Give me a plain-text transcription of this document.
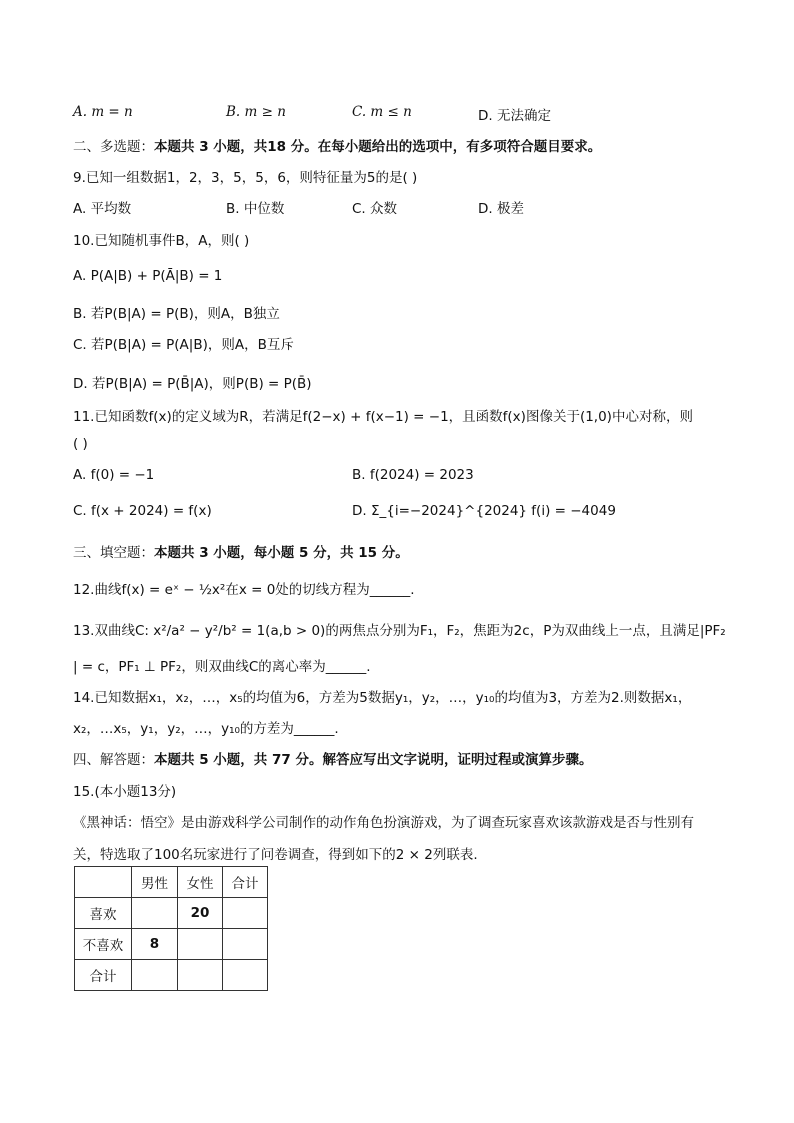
A. m = n	B. m ≥ n	C. m ≤ n	D. 无法确定
二、多选题：本题共 3 小题，共18 分。在每小题给出的选项中，有多项符合题目要求。
9.已知一组数据1，2，3，5，5，6，则特征量为5的是( )
A. 平均数	B. 中位数	C. 众数	D. 极差
10.已知随机事件B，A，则( )
A. P(A|B) + P(Ā|B) = 1
B. 若P(B|A) = P(B)，则A，B独立
C. 若P(B|A) = P(A|B)，则A，B互斥
D. 若P(B|A) = P(B̄|A)，则P(B) = P(B̄)
11.已知函数f(x)的定义域为R，若满足f(2−x) + f(x−1) = −1，且函数f(x)图像关于(1,0)中心对称，则
( )
A. f(0) = −1	B. f(2024) = 2023
C. f(x + 2024) = f(x)	D. Σ_{i=−2024}^{2024} f(i) = −4049
三、填空题：本题共 3 小题，每小题 5 分，共 15 分。
12.曲线f(x) = eˣ − ½x²在x = 0处的切线方程为______.
13.双曲线C: x²/a² − y²/b² = 1(a,b > 0)的两焦点分别为F₁，F₂，焦距为2c，P为双曲线上一点，且满足|PF₂
| = c，PF₁ ⊥ PF₂，则双曲线C的离心率为______.
14.已知数据x₁，x₂，…，x₅的均值为6，方差为5数据y₁，y₂，…，y₁₀的均值为3，方差为2.则数据x₁，
x₂，…x₅，y₁，y₂，…，y₁₀的方差为______.
四、解答题：本题共 5 小题，共 77 分。解答应写出文字说明，证明过程或演算步骤。
15.(本小题13分)
《黑神话：悟空》是由游戏科学公司制作的动作角色扮演游戏，为了调查玩家喜欢该款游戏是否与性别有
关，特选取了100名玩家进行了问卷调查，得到如下的2 × 2列联表.
	男性	女性	合计
喜欢		20	
不喜欢	8		
合计			
